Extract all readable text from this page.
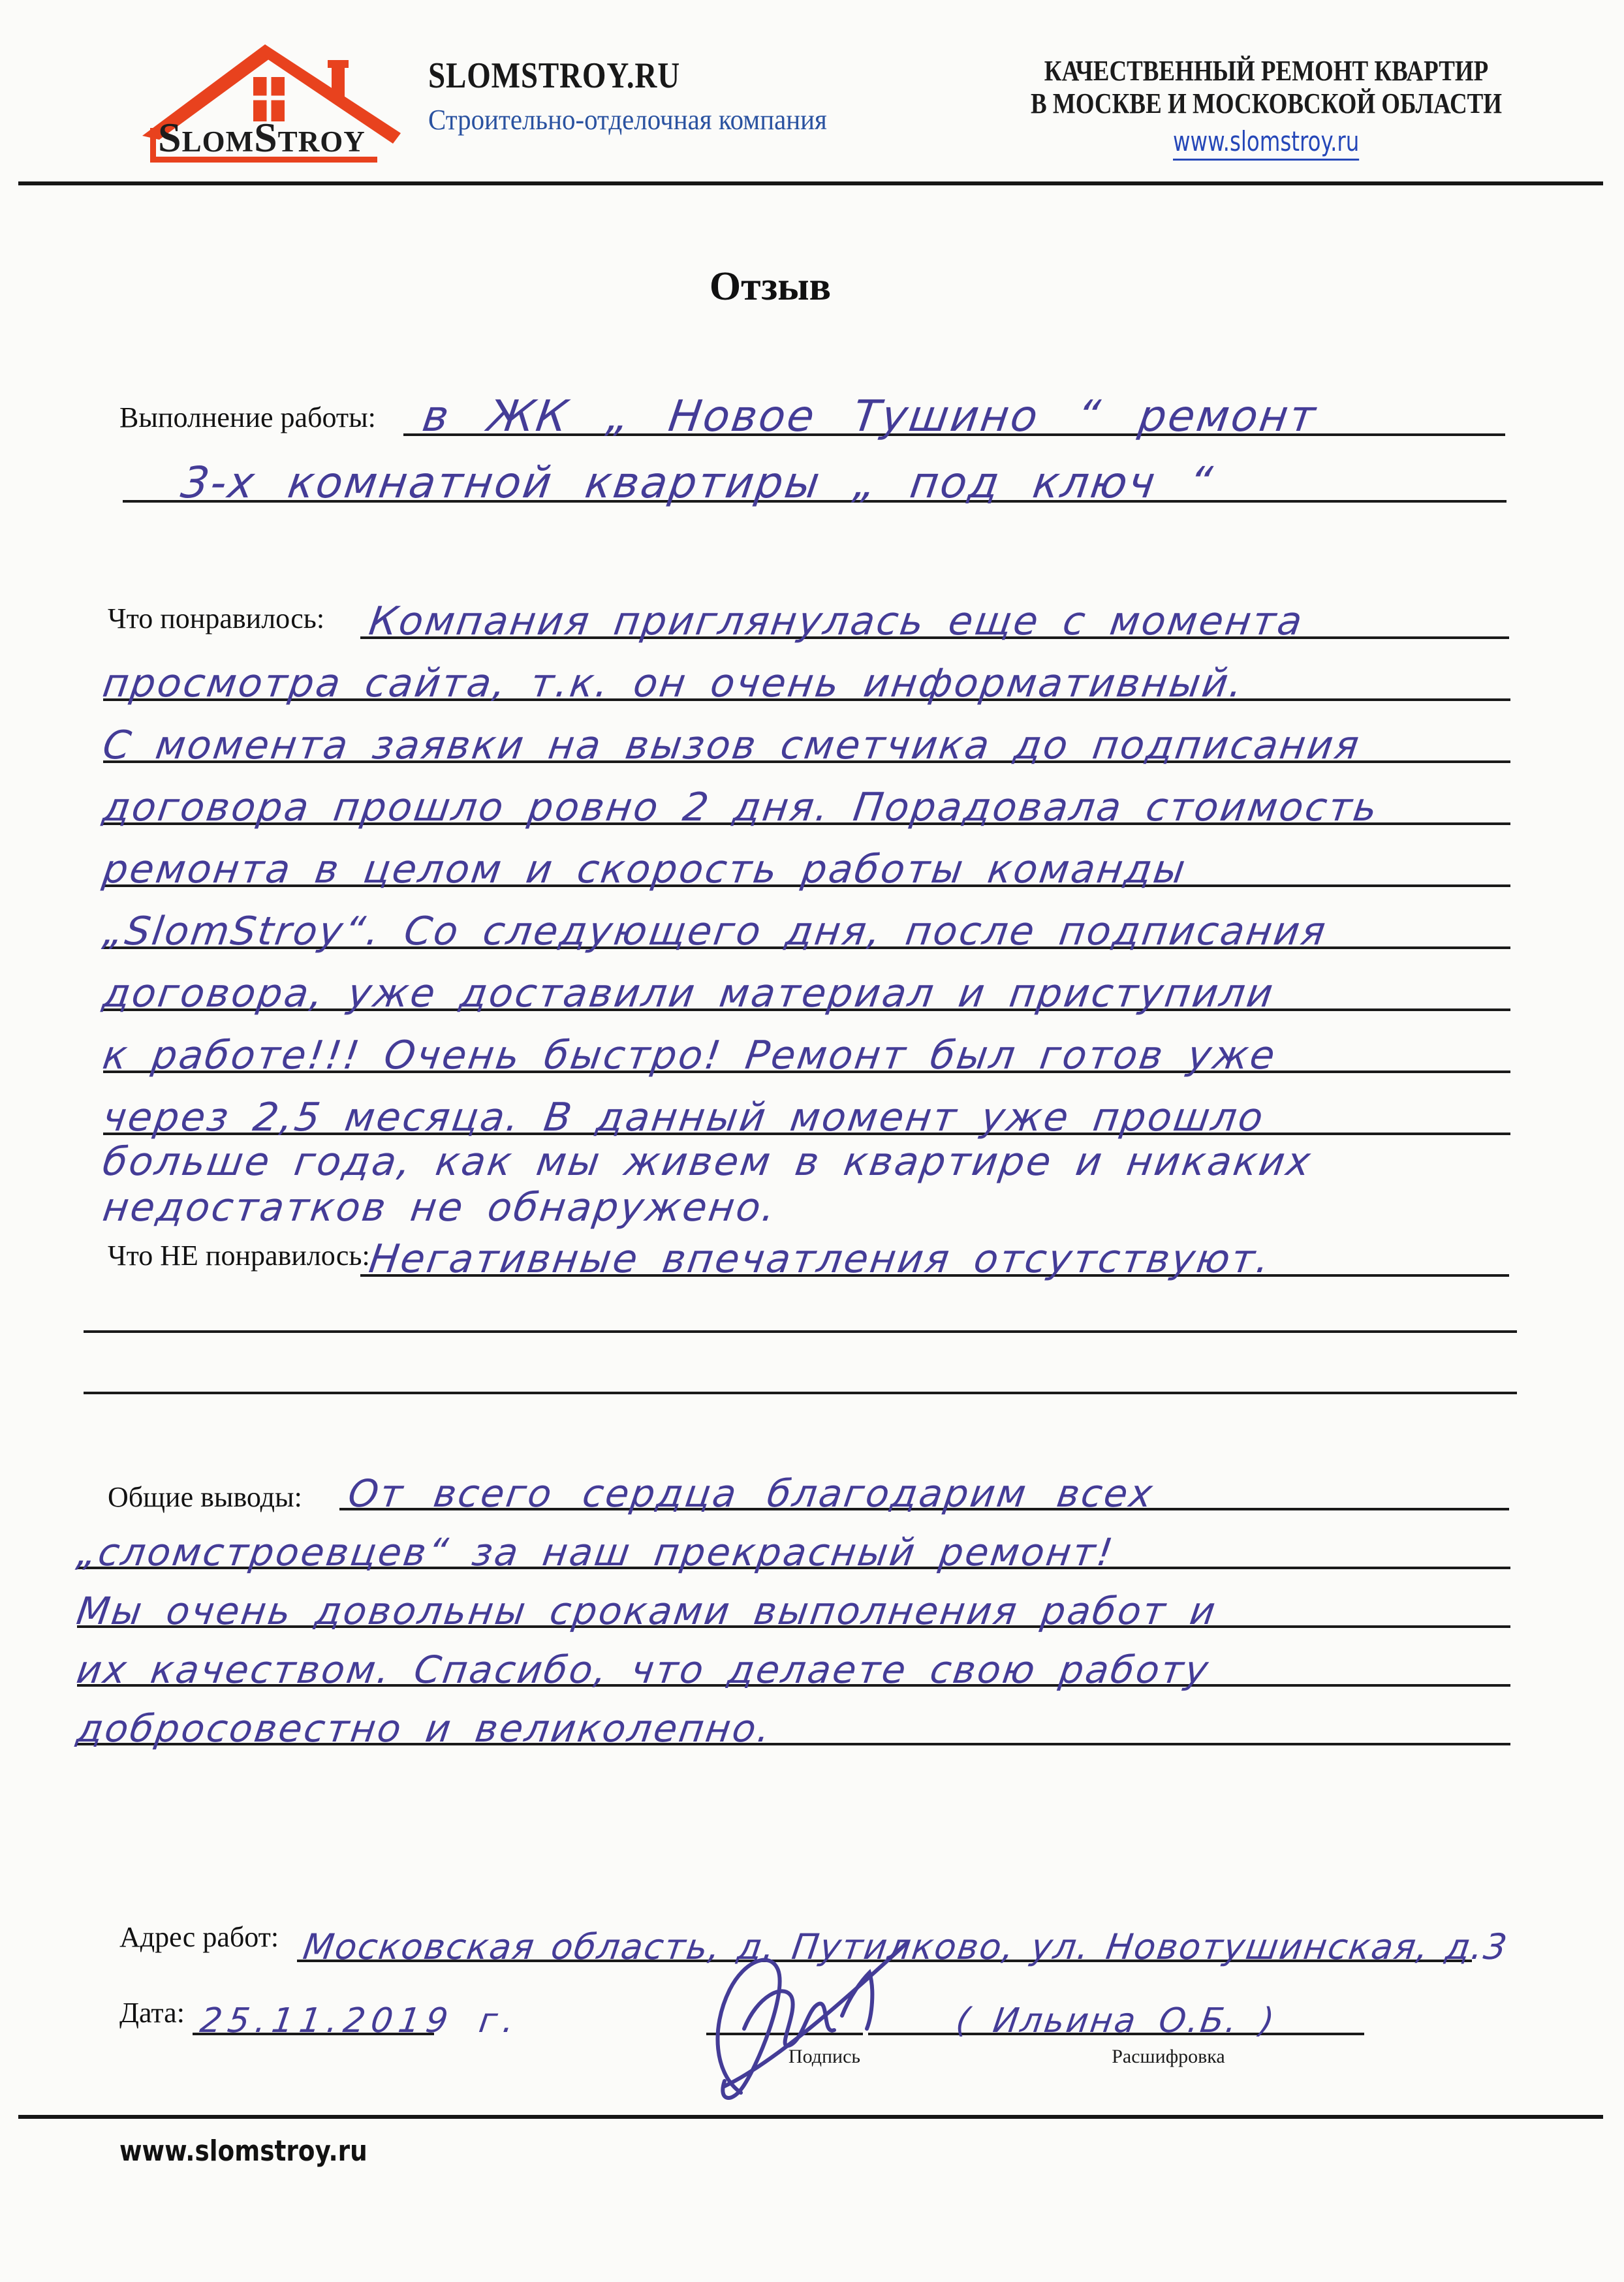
SlomStroy
SLOMSTROY.RU
Строительно-отделочная компания
КАЧЕСТВЕННЫЙ РЕМОНТ КВАРТИР
В МОСКВЕ И МОСКОВСКОЙ ОБЛАСТИ
www.slomstroy.ru
Отзыв
Выполнение работы:	в ЖК „ Новое Тушино “ ремонт
3-х комнатной квартиры „ под ключ “
Что понравилось: Компания приглянулась еще с момента
просмотра сайта, т.к. он очень информативный.
С момента заявки на вызов сметчика до подписания
договора прошло ровно 2 дня. Порадовала стоимость
ремонта в целом и скорость работы команды
„SlomStroy“. Со следующего дня, после подписания
договора, уже доставили материал и приступили
к работе!!! Очень быстро! Ремонт был готов уже
через 2,5 месяца. В данный момент уже прошло
больше года, как мы живем в квартире и никаких
недостатков не обнаружено.
Что НЕ понравилось:
Негативные впечатления отсутствуют.
Общие выводы: От всего сердца благодарим всех
„сломстроевцев“ за наш прекрасный ремонт!
Мы очень довольны сроками выполнения работ и
их качеством. Спасибо, что делаете свою работу
добросовестно и великолепно.
Адрес работ: Московская область, д. Путилково, ул. Новотушинская, д.3
Дата: 25.11.2019 г.
Подпись
( Ильина О.Б. )
Расшифровка
www.slomstroy.ru
